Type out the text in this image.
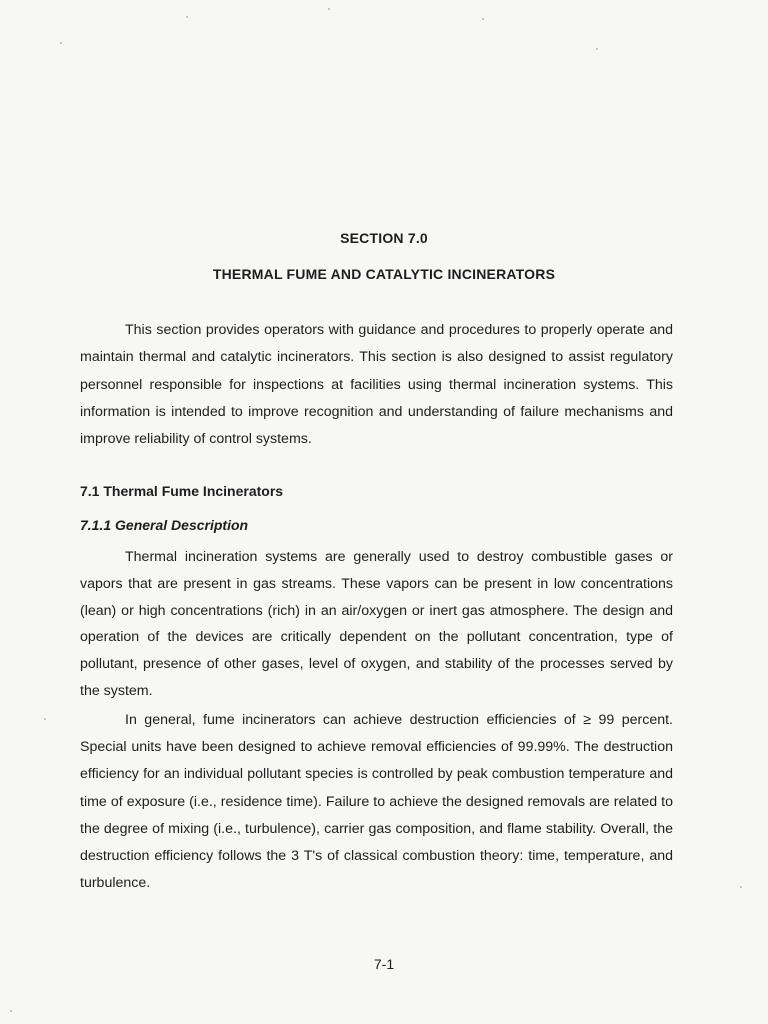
SECTION 7.0
THERMAL FUME AND CATALYTIC INCINERATORS
This section provides operators with guidance and procedures to properly operate and maintain thermal and catalytic incinerators. This section is also designed to assist regulatory personnel responsible for inspections at facilities using thermal incineration systems. This information is intended to improve recognition and understanding of failure mechanisms and improve reliability of control systems.
7.1 Thermal Fume Incinerators
7.1.1 General Description
Thermal incineration systems are generally used to destroy combustible gases or vapors that are present in gas streams. These vapors can be present in low concentrations (lean) or high concentrations (rich) in an air/oxygen or inert gas atmosphere. The design and operation of the devices are critically dependent on the pollutant concentration, type of pollutant, presence of other gases, level of oxygen, and stability of the processes served by the system.
In general, fume incinerators can achieve destruction efficiencies of ≥ 99 percent. Special units have been designed to achieve removal efficiencies of 99.99%. The destruction efficiency for an individual pollutant species is controlled by peak combustion temperature and time of exposure (i.e., residence time). Failure to achieve the designed removals are related to the degree of mixing (i.e., turbulence), carrier gas composition, and flame stability. Overall, the destruction efficiency follows the 3 T's of classical combustion theory: time, temperature, and turbulence.
7-1
